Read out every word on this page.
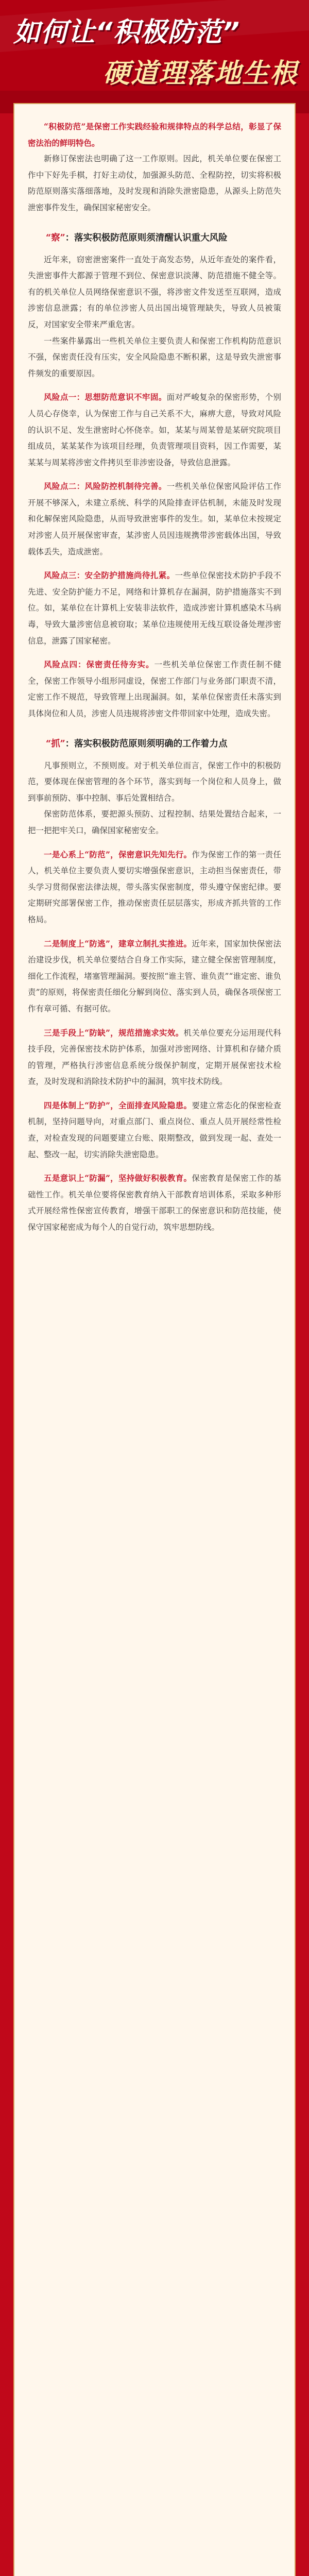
如何让“积极防范”
硬道理落地生根

“积极防范”是保密工作实践经验和规律特点的科学总结，彰显了保密法治的鲜明特色。

新修订保密法也明确了这一工作原则。因此，机关单位要在保密工作中下好先手棋，打好主动仗，加强源头防范、全程防控，切实将积极防范原则落实落细落地，及时发现和消除失泄密隐患，从源头上防范失泄密事件发生，确保国家秘密安全。

“察”：落实积极防范原则须清醒认识重大风险

近年来，窃密泄密案件一直处于高发态势，从近年查处的案件看，失泄密事件大都源于管理不到位、保密意识淡薄、防范措施不健全等。有的机关单位人员网络保密意识不强，将涉密文件发送至互联网，造成涉密信息泄露；有的单位涉密人员出国出境管理缺失，导致人员被策反，对国家安全带来严重危害。

一些案件暴露出一些机关单位主要负责人和保密工作机构防范意识不强，保密责任没有压实，安全风险隐患不断积累，这是导致失泄密事件频发的重要原因。

风险点一：思想防范意识不牢固。面对严峻复杂的保密形势，个别人员心存侥幸，认为保密工作与自己关系不大，麻痹大意，导致对风险的认识不足、发生泄密时心怀侥幸。如，某某与周某曾是某研究院项目组成员，某某某作为该项目经理，负责管理项目资料，因工作需要，某某某与周某将涉密文件拷贝至非涉密设备，导致信息泄露。

风险点二：风险防控机制待完善。一些机关单位保密风险评估工作开展不够深入，未建立系统、科学的风险排查评估机制，未能及时发现和化解保密风险隐患，从而导致泄密事件的发生。如，某单位未按规定对涉密人员开展保密审查，某涉密人员因违规携带涉密载体出国，导致载体丢失，造成泄密。

风险点三：安全防护措施尚待扎紧。一些单位保密技术防护手段不先进、安全防护能力不足，网络和计算机存在漏洞，防护措施落实不到位。如，某单位在计算机上安装非法软件，造成涉密计算机感染木马病毒，导致大量涉密信息被窃取；某单位违规使用无线互联设备处理涉密信息，泄露了国家秘密。

风险点四：保密责任待夯实。一些机关单位保密工作责任制不健全，保密工作领导小组形同虚设，保密工作部门与业务部门职责不清，定密工作不规范，导致管理上出现漏洞。如，某单位保密责任未落实到具体岗位和人员，涉密人员违规将涉密文件带回家中处理，造成失密。

“抓”：落实积极防范原则须明确的工作着力点

凡事预则立，不预则废。对于机关单位而言，保密工作中的积极防范，要体现在保密管理的各个环节，落实到每一个岗位和人员身上，做到事前预防、事中控制、事后处置相结合。

保密防范体系，要把源头预防、过程控制、结果处置结合起来，一把一把把牢关口，确保国家秘密安全。

一是心系上“防范”，保密意识先知先行。作为保密工作的第一责任人，机关单位主要负责人要切实增强保密意识，主动担当保密责任，带头学习贯彻保密法律法规，带头落实保密制度，带头遵守保密纪律。要定期研究部署保密工作，推动保密责任层层落实，形成齐抓共管的工作格局。

二是制度上“防逃”，建章立制扎实推进。近年来，国家加快保密法治建设步伐，机关单位要结合自身工作实际，建立健全保密管理制度，细化工作流程，堵塞管理漏洞。要按照“谁主管、谁负责”“谁定密、谁负责”的原则，将保密责任细化分解到岗位、落实到人员，确保各项保密工作有章可循、有据可依。

三是手段上“防缺”，规范措施求实效。机关单位要充分运用现代科技手段，完善保密技术防护体系，加强对涉密网络、计算机和存储介质的管理，严格执行涉密信息系统分级保护制度，定期开展保密技术检查，及时发现和消除技术防护中的漏洞，筑牢技术防线。

四是体制上“防护”，全面排查风险隐患。要建立常态化的保密检查机制，坚持问题导向，对重点部门、重点岗位、重点人员开展经常性检查，对检查发现的问题要建立台账、限期整改，做到发现一起、查处一起、整改一起，切实消除失泄密隐患。

五是意识上“防漏”，坚持做好积极教育。保密教育是保密工作的基础性工作。机关单位要将保密教育纳入干部教育培训体系，采取多种形式开展经常性保密宣传教育，增强干部职工的保密意识和防范技能，使保守国家秘密成为每个人的自觉行动，筑牢思想防线。
